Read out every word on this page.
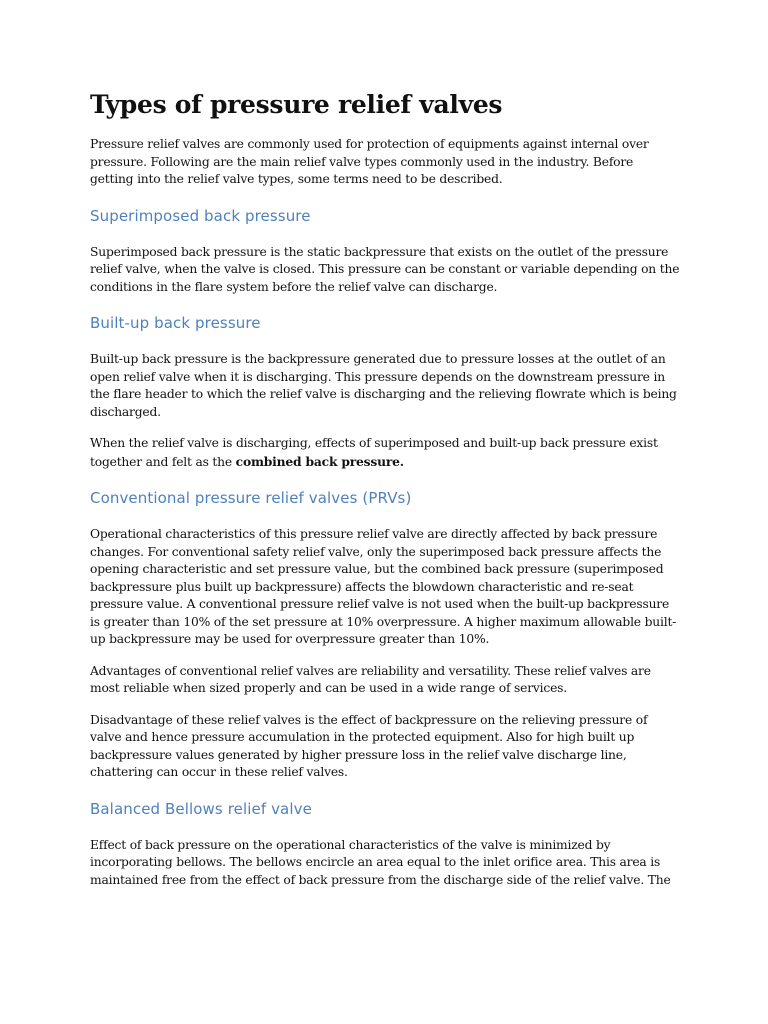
Types of pressure relief valves

Pressure relief valves are commonly used for protection of equipments against internal over pressure. Following are the main relief valve types commonly used in the industry. Before getting into the relief valve types, some terms need to be described.

Superimposed back pressure

Superimposed back pressure is the static backpressure that exists on the outlet of the pressure relief valve, when the valve is closed. This pressure can be constant or variable depending on the conditions in the flare system before the relief valve can discharge.

Built-up back pressure

Built-up back pressure is the backpressure generated due to pressure losses at the outlet of an open relief valve when it is discharging. This pressure depends on the downstream pressure in the flare header to which the relief valve is discharging and the relieving flowrate which is being discharged.

When the relief valve is discharging, effects of superimposed and built-up back pressure exist together and felt as the combined back pressure.

Conventional pressure relief valves (PRVs)

Operational characteristics of this pressure relief valve are directly affected by back pressure changes. For conventional safety relief valve, only the superimposed back pressure affects the opening characteristic and set pressure value, but the combined back pressure (superimposed backpressure plus built up backpressure) affects the blowdown characteristic and re-seat pressure value. A conventional pressure relief valve is not used when the built-up backpressure is greater than 10% of the set pressure at 10% overpressure. A higher maximum allowable built-up backpressure may be used for overpressure greater than 10%.

Advantages of conventional relief valves are reliability and versatility. These relief valves are most reliable when sized properly and can be used in a wide range of services.

Disadvantage of these relief valves is the effect of backpressure on the relieving pressure of valve and hence pressure accumulation in the protected equipment. Also for high built up backpressure values generated by higher pressure loss in the relief valve discharge line, chattering can occur in these relief valves.

Balanced Bellows relief valve

Effect of back pressure on the operational characteristics of the valve is minimized by incorporating bellows. The bellows encircle an area equal to the inlet orifice area. This area is maintained free from the effect of back pressure from the discharge side of the relief valve. The
